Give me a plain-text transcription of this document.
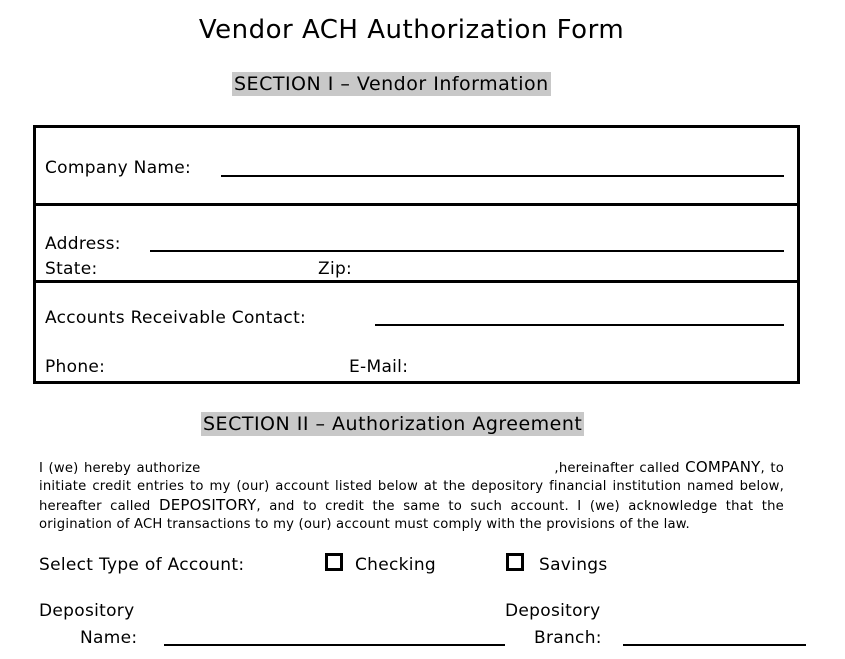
Vendor ACH Authorization Form
SECTION I – Vendor Information
Company Name:
Address:
State:	Zip:
Accounts Receivable Contact:
Phone:	E-Mail:
SECTION II – Authorization Agreement
I (we) hereby authorize	,hereinafter called COMPANY, to initiate credit entries to my (our) account listed below at the depository financial institution named below, hereafter called DEPOSITORY, and to credit the same to such account. I (we) acknowledge that the origination of ACH transactions to my (our) account must comply with the provisions of the law.
Select Type of Account:	Checking	Savings
Depository
Name:
Depository
Branch:
